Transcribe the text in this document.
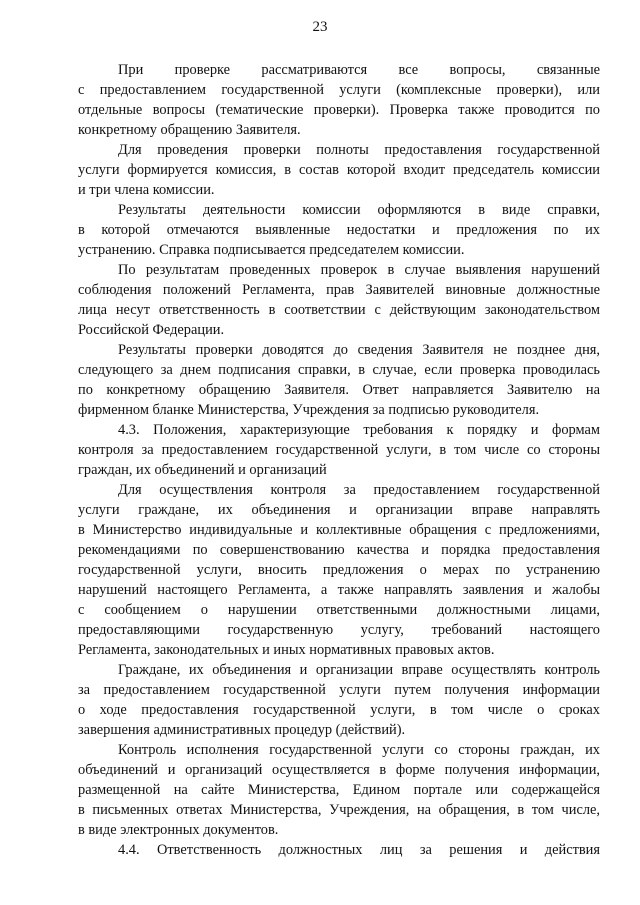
23
При проверке рассматриваются все вопросы, связанные
с предоставлением государственной услуги (комплексные проверки), или
отдельные вопросы (тематические проверки). Проверка также проводится по
конкретному обращению Заявителя.
Для проведения проверки полноты предоставления государственной
услуги формируется комиссия, в состав которой входит председатель комиссии
и три члена комиссии.
Результаты деятельности комиссии оформляются в виде справки,
в которой отмечаются выявленные недостатки и предложения по их
устранению. Справка подписывается председателем комиссии.
По результатам проведенных проверок в случае выявления нарушений
соблюдения положений Регламента, прав Заявителей виновные должностные
лица несут ответственность в соответствии с действующим законодательством
Российской Федерации.
Результаты проверки доводятся до сведения Заявителя не позднее дня,
следующего за днем подписания справки, в случае, если проверка проводилась
по конкретному обращению Заявителя. Ответ направляется Заявителю на
фирменном бланке Министерства, Учреждения за подписью руководителя.
4.3. Положения, характеризующие требования к порядку и формам
контроля за предоставлением государственной услуги, в том числе со стороны
граждан, их объединений и организаций
Для осуществления контроля за предоставлением государственной
услуги граждане, их объединения и организации вправе направлять
в Министерство индивидуальные и коллективные обращения с предложениями,
рекомендациями по совершенствованию качества и порядка предоставления
государственной услуги, вносить предложения о мерах по устранению
нарушений настоящего Регламента, а также направлять заявления и жалобы
с сообщением о нарушении ответственными должностными лицами,
предоставляющими государственную услугу, требований настоящего
Регламента, законодательных и иных нормативных правовых актов.
Граждане, их объединения и организации вправе осуществлять контроль
за предоставлением государственной услуги путем получения информации
о ходе предоставления государственной услуги, в том числе о сроках
завершения административных процедур (действий).
Контроль исполнения государственной услуги со стороны граждан, их
объединений и организаций осуществляется в форме получения информации,
размещенной на сайте Министерства, Едином портале или содержащейся
в письменных ответах Министерства, Учреждения, на обращения, в том числе,
в виде электронных документов.
4.4. Ответственность должностных лиц за решения и действия
